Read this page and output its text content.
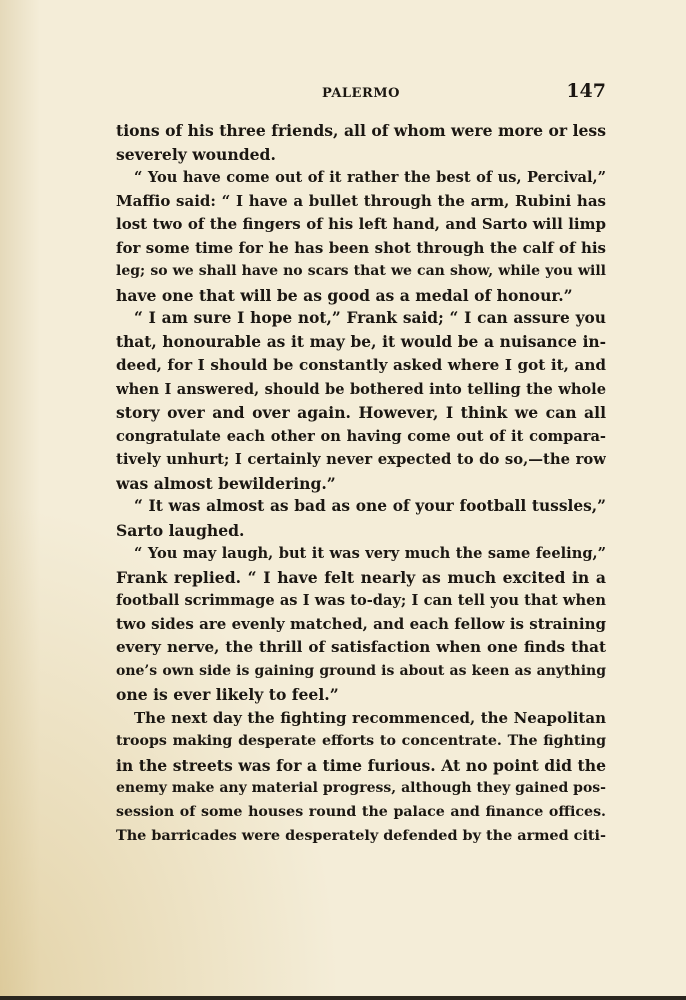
PALERMO	147
tions of his three friends, all of whom were more or less
severely wounded.
“ You have come out of it rather the best of us, Percival,”
Maffio said: “ I have a bullet through the arm, Rubini has
lost two of the fingers of his left hand, and Sarto will limp
for some time for he has been shot through the calf of his
leg; so we shall have no scars that we can show, while you will
have one that will be as good as a medal of honour.”
“ I am sure I hope not,” Frank said; “ I can assure you
that, honourable as it may be, it would be a nuisance in-
deed, for I should be constantly asked where I got it, and
when I answered, should be bothered into telling the whole
story over and over again. However, I think we can all
congratulate each other on having come out of it compara-
tively unhurt; I certainly never expected to do so,—the row
was almost bewildering.”
“ It was almost as bad as one of your football tussles,”
Sarto laughed.
“ You may laugh, but it was very much the same feeling,”
Frank replied. “ I have felt nearly as much excited in a
football scrimmage as I was to-day; I can tell you that when
two sides are evenly matched, and each fellow is straining
every nerve, the thrill of satisfaction when one finds that
one’s own side is gaining ground is about as keen as anything
one is ever likely to feel.”
The next day the fighting recommenced, the Neapolitan
troops making desperate efforts to concentrate. The fighting
in the streets was for a time furious. At no point did the
enemy make any material progress, although they gained pos-
session of some houses round the palace and finance offices.
The barricades were desperately defended by the armed citi-
